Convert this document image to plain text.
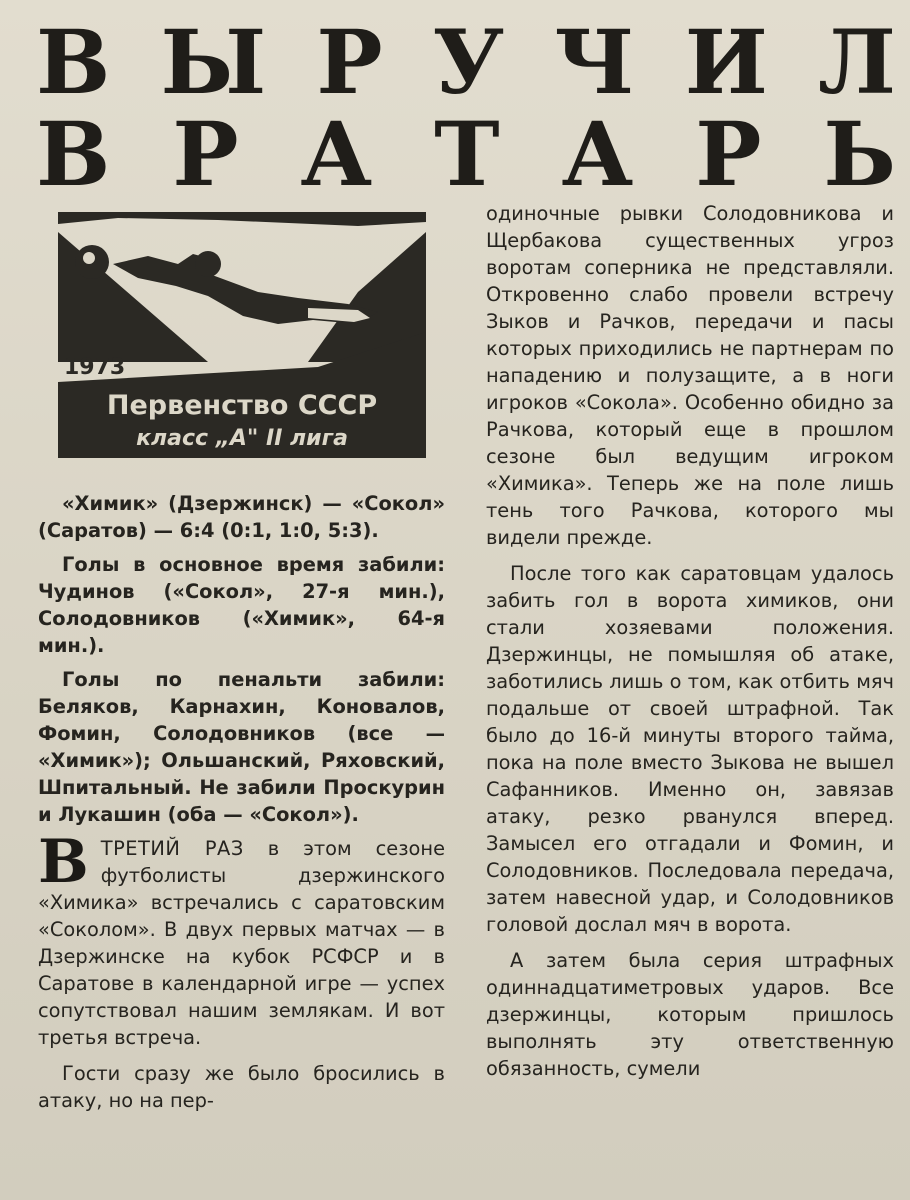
В Ы Р У Ч И Л
В Р А Т А Р Ь
1973
Первенство СССР
класс „А" II лига

«Химик» (Дзержинск) — «Сокол» (Саратов) — 6:4 (0:1, 1:0, 5:3).

Голы в основное время забили: Чудинов («Сокол», 27-я мин.), Солодовников («Химик», 64-я мин.).

Голы по пенальти забили: Беляков, Карнахин, Коновалов, Фомин, Солодовников (все — «Химик»); Ольшанский, Ряховский, Шпитальный. Не забили Проскурин и Лукашин (оба — «Сокол»).

ВТРЕТИЙ РАЗ в этом сезоне футболисты дзержинского «Химика» встречались с саратовским «Соколом». В двух первых матчах — в Дзержинске на кубок РСФСР и в Саратове в календарной игре — успех сопутствовал нашим землякам. И вот третья встреча.

Гости сразу же было бросились в атаку, но на пер-

одиночные рывки Солодовникова и Щербакова существенных угроз воротам соперника не представляли. Откровенно слабо провели встречу Зыков и Рачков, передачи и пасы которых приходились не партнерам по нападению и полузащите, а в ноги игроков «Сокола». Особенно обидно за Рачкова, который еще в прошлом сезоне был ведущим игроком «Химика». Теперь же на поле лишь тень того Рачкова, которого мы видели прежде.

После того как саратовцам удалось забить гол в ворота химиков, они стали хозяевами положения. Дзержинцы, не помышляя об атаке, заботились лишь о том, как отбить мяч подальше от своей штрафной. Так было до 16-й минуты второго тайма, пока на поле вместо Зыкова не вышел Сафанников. Именно он, завязав атаку, резко рванулся вперед. Замысел его отгадали и Фомин, и Солодовников. Последовала передача, затем навесной удар, и Солодовников головой дослал мяч в ворота.

А затем была серия штрафных одиннадцатиметровых ударов. Все дзержинцы, которым пришлось выполнять эту ответственную обязанность, сумели
